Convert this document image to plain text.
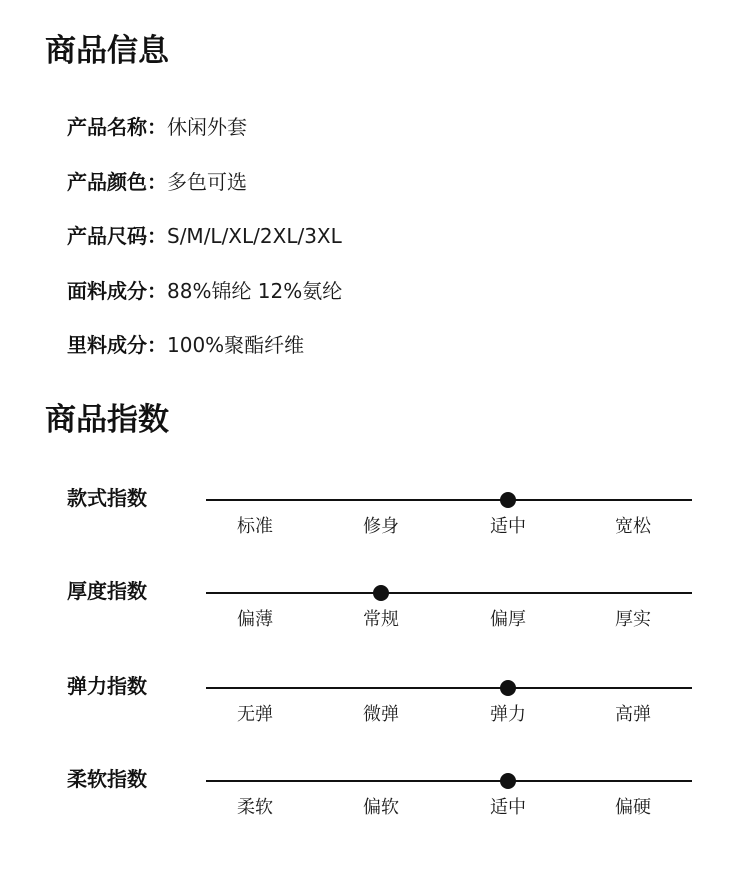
商品信息
产品名称： 休闲外套
产品颜色： 多色可选
产品尺码： S/M/L/XL/2XL/3XL
面料成分： 88%锦纶 12%氨纶
里料成分： 100%聚酯纤维
商品指数
款式指数
标准	修身	适中	宽松
厚度指数
偏薄	常规	偏厚	厚实
弹力指数
无弹	微弹	弹力	高弹
柔软指数
柔软	偏软	适中	偏硬
